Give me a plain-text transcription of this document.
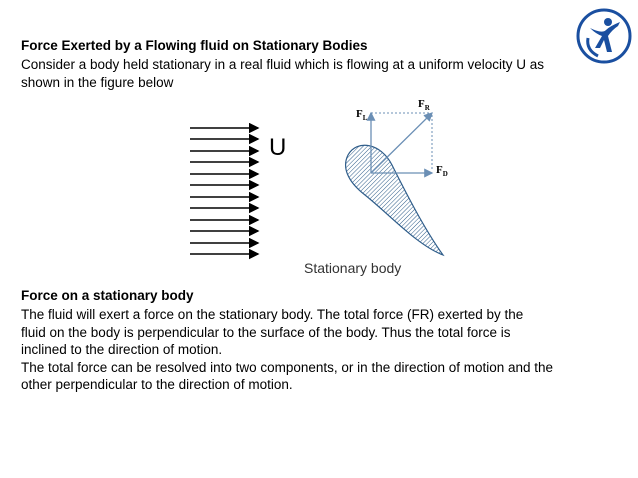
Force Exerted by a Flowing fluid on Stationary Bodies
Consider a body held stationary in a real fluid which is flowing at a uniform velocity U as
shown in the figure below
U
$F_L$
$F_R$
$F_D$
Stationary body
Force on a stationary body
The fluid will exert a force on the stationary body. The total force (FR) exerted by the
fluid on the body is perpendicular to the surface of the body. Thus the total force is
inclined to the direction of motion.
The total force can be resolved into two components, or in the direction of motion and the
other perpendicular to the direction of motion.
